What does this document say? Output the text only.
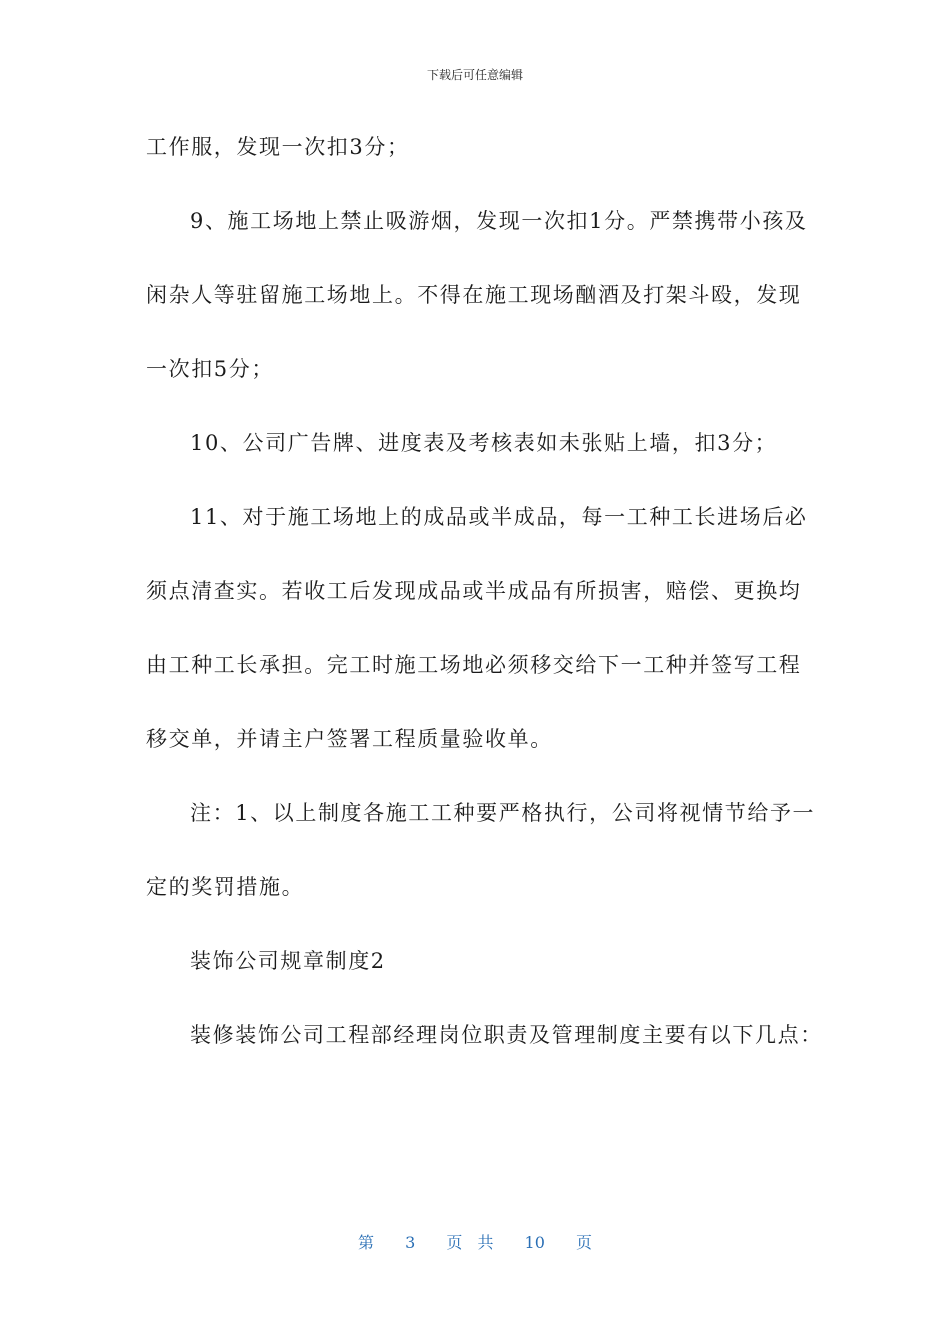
下载后可任意编辑
工作服，发现一次扣3分；
9、施工场地上禁止吸游烟，发现一次扣1分。严禁携带小孩及
闲杂人等驻留施工场地上。不得在施工现场酗酒及打架斗殴，发现
一次扣5分；
10、公司广告牌、进度表及考核表如未张贴上墙，扣3分；
11、对于施工场地上的成品或半成品，每一工种工长进场后必
须点清查实。若收工后发现成品或半成品有所损害，赔偿、更换均
由工种工长承担。完工时施工场地必须移交给下一工种并签写工程
移交单，并请主户签署工程质量验收单。
注：1、以上制度各施工工种要严格执行，公司将视情节给予一
定的奖罚措施。
装饰公司规章制度2
装修装饰公司工程部经理岗位职责及管理制度主要有以下几点：
第 3 页 共 10 页
